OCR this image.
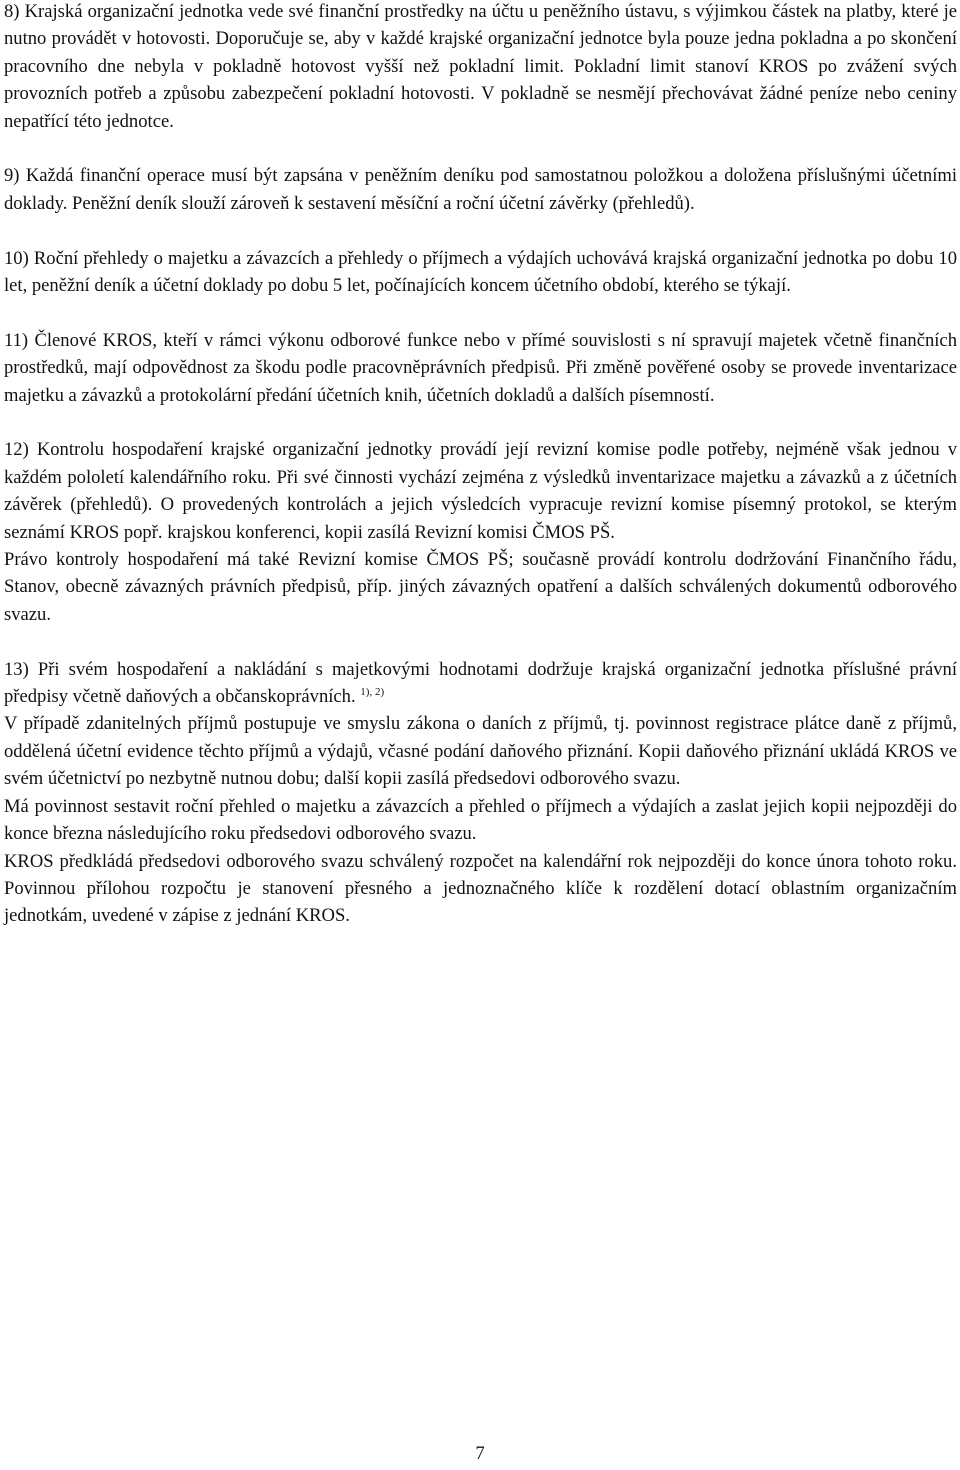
8) Krajská organizační jednotka vede své finanční prostředky na účtu u peněžního ústavu, s výjimkou částek na platby, které je nutno provádět v hotovosti. Doporučuje se, aby v každé krajské organizační jednotce byla pouze jedna pokladna a po skončení pracovního dne nebyla v pokladně hotovost vyšší než pokladní limit. Pokladní limit stanoví KROS po zvážení svých provozních potřeb a způsobu zabezpečení pokladní hotovosti. V pokladně se nesmějí přechovávat žádné peníze nebo ceniny nepatřící této jednotce.

9) Každá finanční operace musí být zapsána v peněžním deníku pod samostatnou položkou a doložena příslušnými účetními doklady. Peněžní deník slouží zároveň k sestavení měsíční a roční účetní závěrky (přehledů).

10) Roční přehledy o majetku a závazcích a přehledy o příjmech a výdajích uchovává krajská organizační jednotka po dobu 10 let, peněžní deník a účetní doklady po dobu 5 let, počínajících koncem účetního období, kterého se týkají.

11) Členové KROS, kteří v rámci výkonu odborové funkce nebo v přímé souvislosti s ní spravují majetek včetně finančních prostředků, mají odpovědnost za škodu podle pracovněprávních předpisů. Při změně pověřené osoby se provede inventarizace majetku a závazků a protokolární předání účetních knih, účetních dokladů a dalších písemností.

12) Kontrolu hospodaření krajské organizační jednotky provádí její revizní komise podle potřeby, nejméně však jednou v každém pololetí kalendářního roku. Při své činnosti vychází zejména z výsledků inventarizace majetku a závazků a z účetních závěrek (přehledů). O provedených kontrolách a jejich výsledcích vypracuje revizní komise písemný protokol, se kterým seznámí KROS popř. krajskou konferenci, kopii zasílá Revizní komisi ČMOS PŠ.

Právo kontroly hospodaření má také Revizní komise ČMOS PŠ; současně provádí kontrolu dodržování Finančního řádu, Stanov, obecně závazných právních předpisů, příp. jiných závazných opatření a dalších schválených dokumentů odborového svazu.

13) Při svém hospodaření a nakládání s majetkovými hodnotami dodržuje krajská organizační jednotka příslušné právní předpisy včetně daňových a občanskoprávních. $^{1), 2)}$

V případě zdanitelných příjmů postupuje ve smyslu zákona o daních z příjmů, tj. povinnost registrace plátce daně z příjmů, oddělená účetní evidence těchto příjmů a výdajů, včasné podání daňového přiznání. Kopii daňového přiznání ukládá KROS ve svém účetnictví po nezbytně nutnou dobu; další kopii zasílá předsedovi odborového svazu.

Má povinnost sestavit roční přehled o majetku a závazcích a přehled o příjmech a výdajích a zaslat jejich kopii nejpozději do konce března následujícího roku předsedovi odborového svazu.

KROS předkládá předsedovi odborového svazu schválený rozpočet na kalendářní rok nejpozději do konce února tohoto roku. Povinnou přílohou rozpočtu je stanovení přesného a jednoznačného klíče k rozdělení dotací oblastním organizačním jednotkám, uvedené v zápise z jednání KROS.

7
